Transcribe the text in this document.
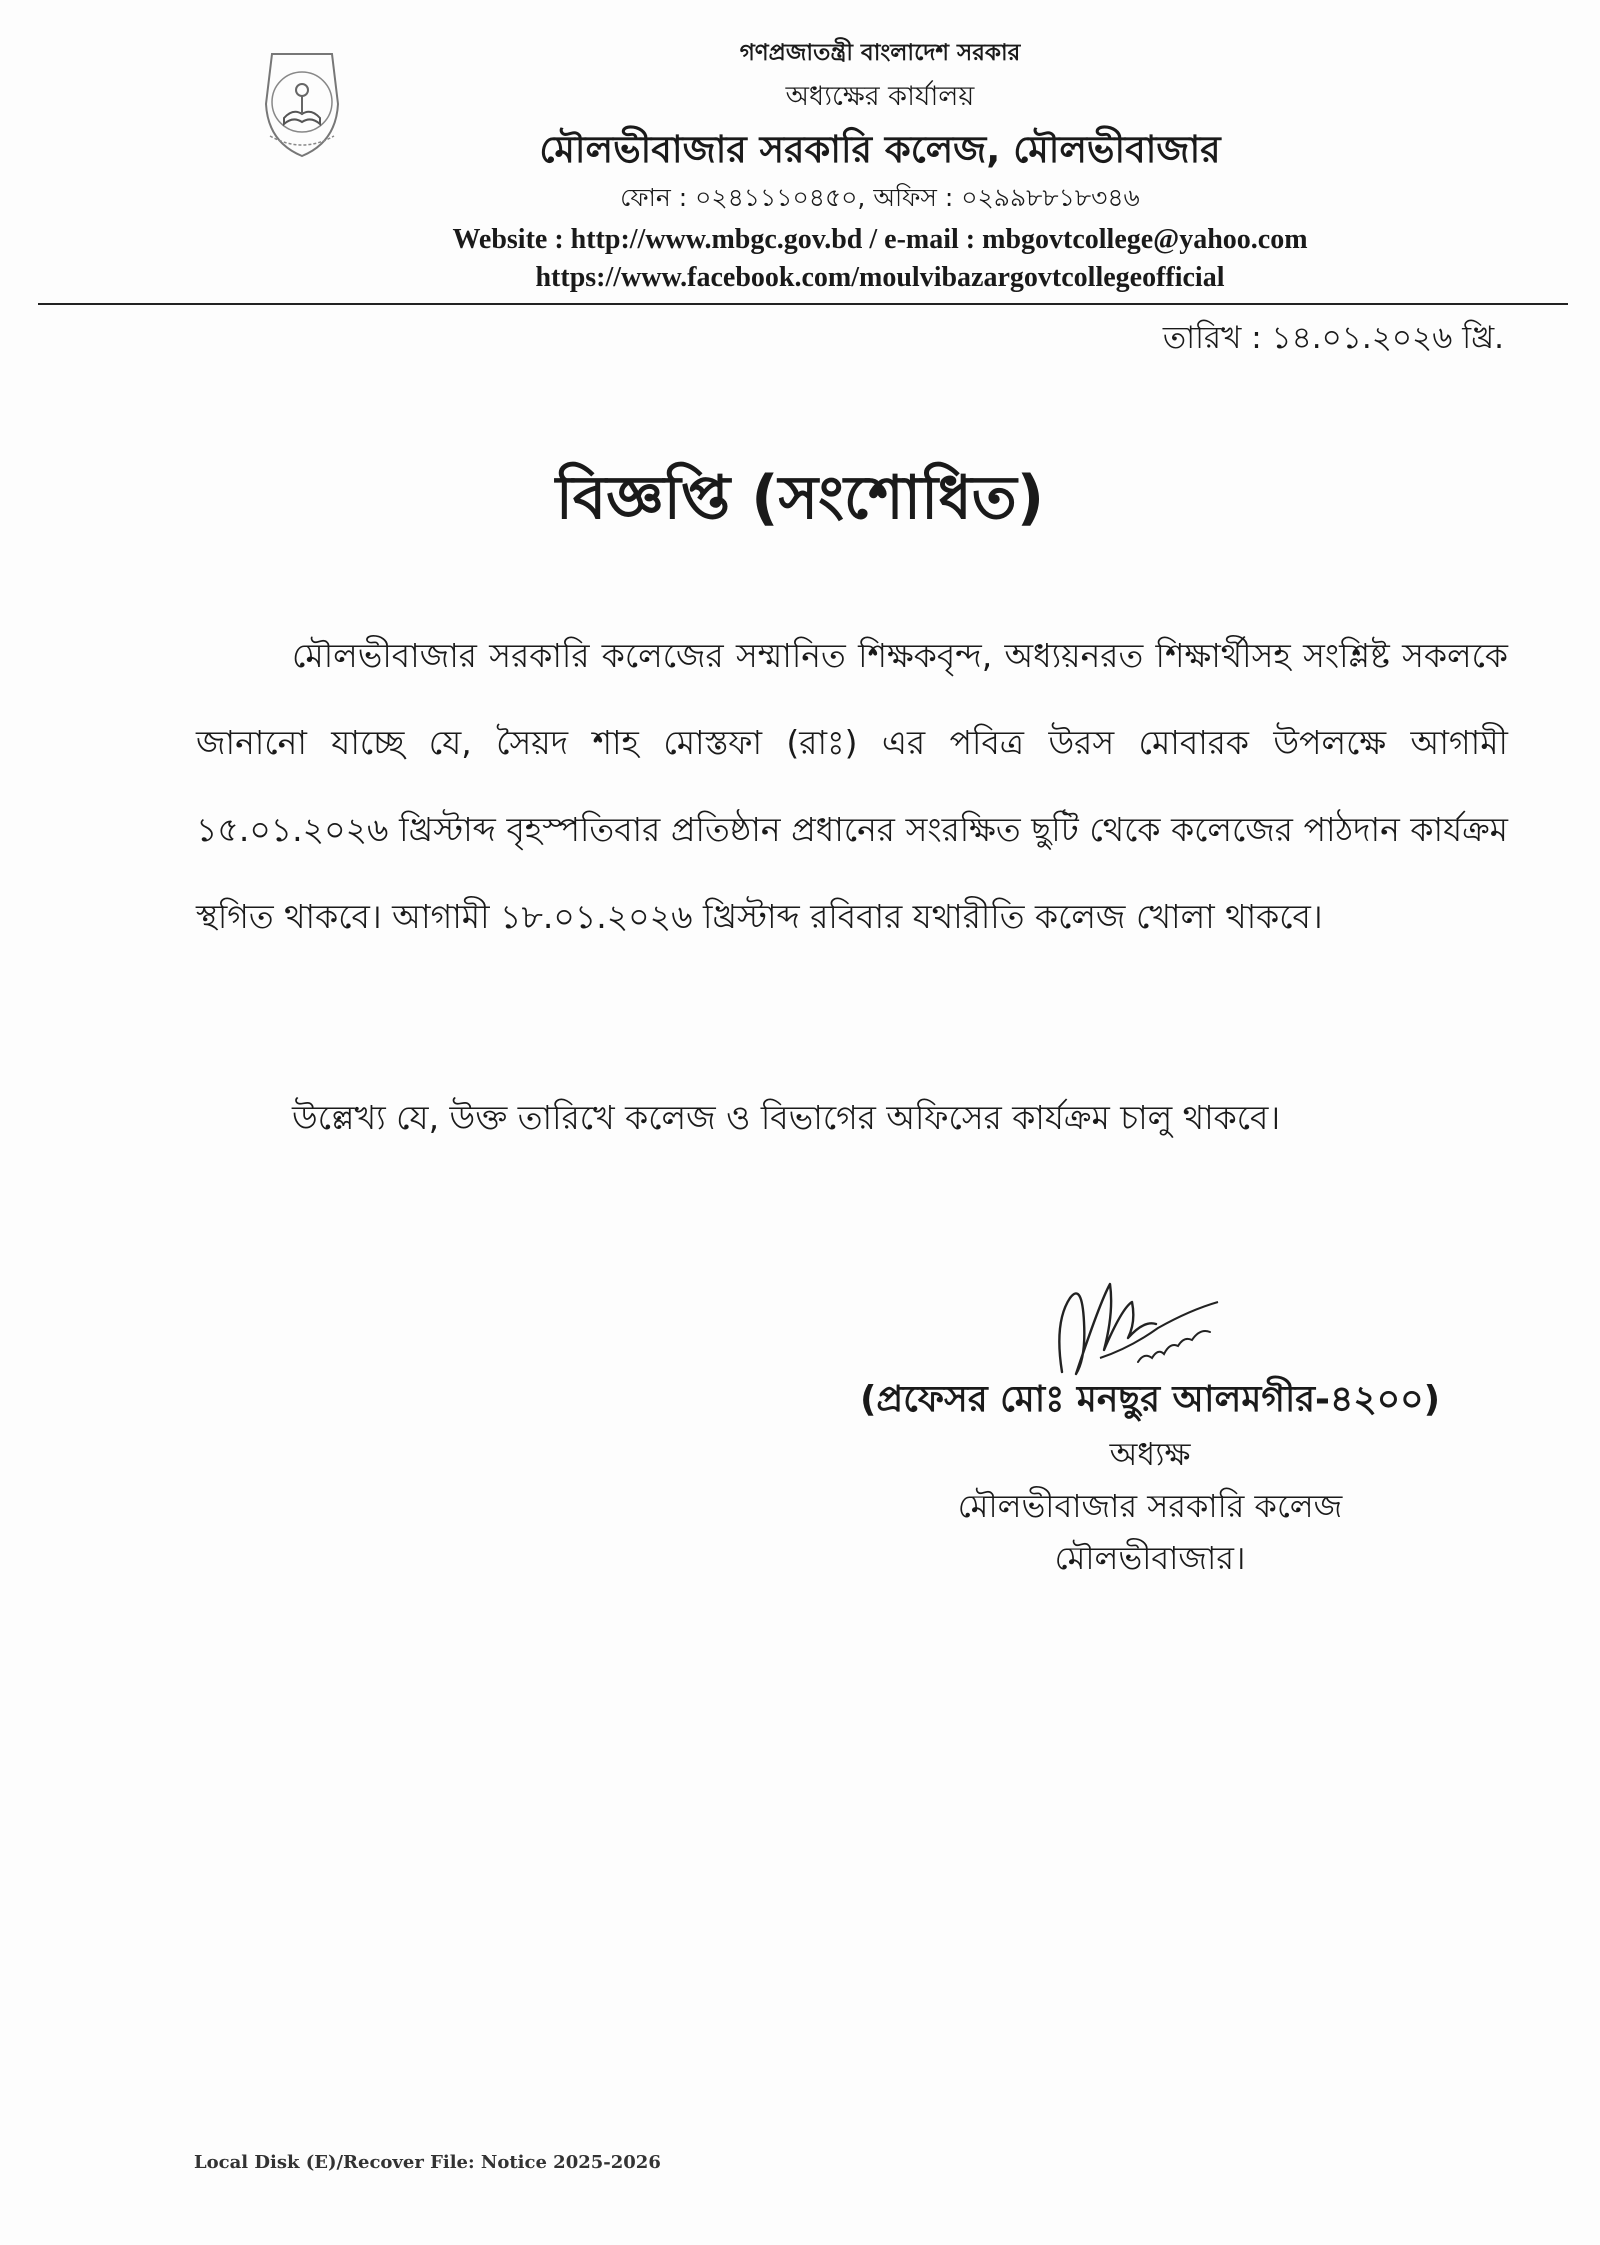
গণপ্রজাতন্ত্রী বাংলাদেশ সরকার
অধ্যক্ষের কার্যালয়
মৌলভীবাজার সরকারি কলেজ, মৌলভীবাজার
ফোন : ০২৪১১১০৪৫০, অফিস : ০২৯৯৮৮১৮৩৪৬
Website : http://www.mbgc.gov.bd / e-mail : mbgovtcollege@yahoo.com
https://www.facebook.com/moulvibazargovtcollegeofficial
তারিখ : ১৪.০১.২০২৬ খ্রি.
বিজ্ঞপ্তি (সংশোধিত)

মৌলভীবাজার সরকারি কলেজের সম্মানিত শিক্ষকবৃন্দ, অধ্যয়নরত শিক্ষার্থীসহ সংশ্লিষ্ট সকলকে জানানো যাচ্ছে যে, সৈয়দ শাহ মোস্তফা (রাঃ) এর পবিত্র উরস মোবারক উপলক্ষে আগামী ১৫.০১.২০২৬ খ্রিস্টাব্দ বৃহস্পতিবার প্রতিষ্ঠান প্রধানের সংরক্ষিত ছুটি থেকে কলেজের পাঠদান কার্যক্রম স্থগিত থাকবে। আগামী ১৮.০১.২০২৬ খ্রিস্টাব্দ রবিবার যথারীতি কলেজ খোলা থাকবে।

উল্লেখ্য যে, উক্ত তারিখে কলেজ ও বিভাগের অফিসের কার্যক্রম চালু থাকবে।
(প্রফেসর মোঃ মনছুর আলমগীর-৪২০০)
অধ্যক্ষ
মৌলভীবাজার সরকারি কলেজ
মৌলভীবাজার।
Local Disk (E)/Recover File: Notice 2025-2026
